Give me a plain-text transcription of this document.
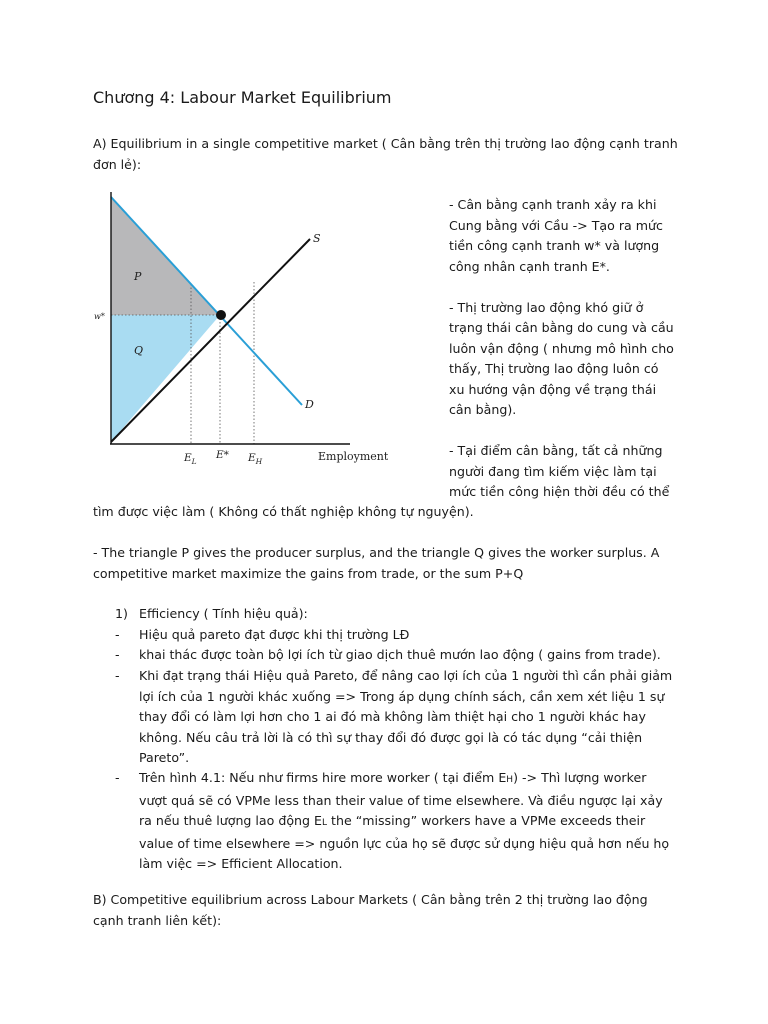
Chương 4: Labour Market Equilibrium

A) Equilibrium in a single competitive market ( Cân bằng trên thị trường lao động cạnh tranh
đơn lẻ):

S
D
P
Q
w*
$E_L$
E* $E_H$	Employment
- Cân bằng cạnh tranh xảy ra khi
Cung bằng với Cầu -> Tạo ra mức
tiền công cạnh tranh w* và lượng
công nhân cạnh tranh E*.
- Thị trường lao động khó giữ ở
trạng thái cân bằng do cung và cầu
luôn vận động ( nhưng mô hình cho
thấy, Thị trường lao động luôn có
xu hướng vận động về trạng thái
cân bằng).
- Tại điểm cân bằng, tất cả những
người đang tìm kiếm việc làm tại
mức tiền công hiện thời đều có thể

tìm được việc làm ( Không có thất nghiệp không tự nguyện).

- The triangle P gives the producer surplus, and the triangle Q gives the worker surplus. A
competitive market maximize the gains from trade, or the sum P+Q

1) Efficiency ( Tính hiệu quả):
- Hiệu quả pareto đạt được khi thị trường LĐ
- khai thác được toàn bộ lợi ích từ giao dịch thuê mướn lao động ( gains from trade).
- Khi đạt trạng thái Hiệu quả Pareto, để nâng cao lợi ích của 1 người thì cần phải giảm
lợi ích của 1 người khác xuống => Trong áp dụng chính sách, cần xem xét liệu 1 sự
thay đổi có làm lợi hơn cho 1 ai đó mà không làm thiệt hại cho 1 người khác hay
không. Nếu câu trả lời là có thì sự thay đổi đó được gọi là có tác dụng “cải thiện
Pareto”.
- Trên hình 4.1: Nếu như firms hire more worker ( tại điểm EH) -> Thì lượng worker
vượt quá sẽ có VPMe less than their value of time elsewhere. Và điều ngược lại xảy
ra nếu thuê lượng lao động EL the “missing” workers have a VPMe exceeds their
value of time elsewhere => nguồn lực của họ sẽ được sử dụng hiệu quả hơn nếu họ
làm việc => Efficient Allocation.

B) Competitive equilibrium across Labour Markets ( Cân bằng trên 2 thị trường lao động
cạnh tranh liên kết):
